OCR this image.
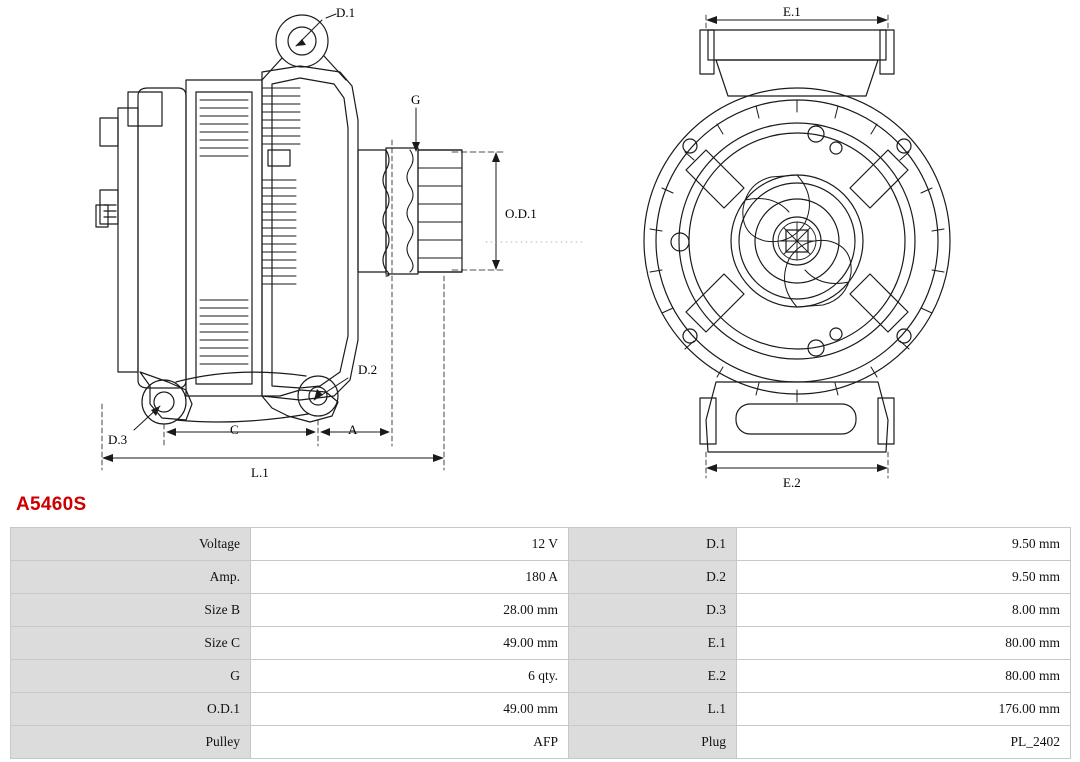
D.1
D.2
D.3
G
O.D.1
A
C
L.1
E.1
E.2
A5460S
Voltage	12 V	D.1	9.50 mm
Amp.	180 A	D.2	9.50 mm
Size B	28.00 mm	D.3	8.00 mm
Size C	49.00 mm	E.1	80.00 mm
G	6 qty.	E.2	80.00 mm
O.D.1	49.00 mm	L.1	176.00 mm
Pulley	AFP	Plug	PL_2402
